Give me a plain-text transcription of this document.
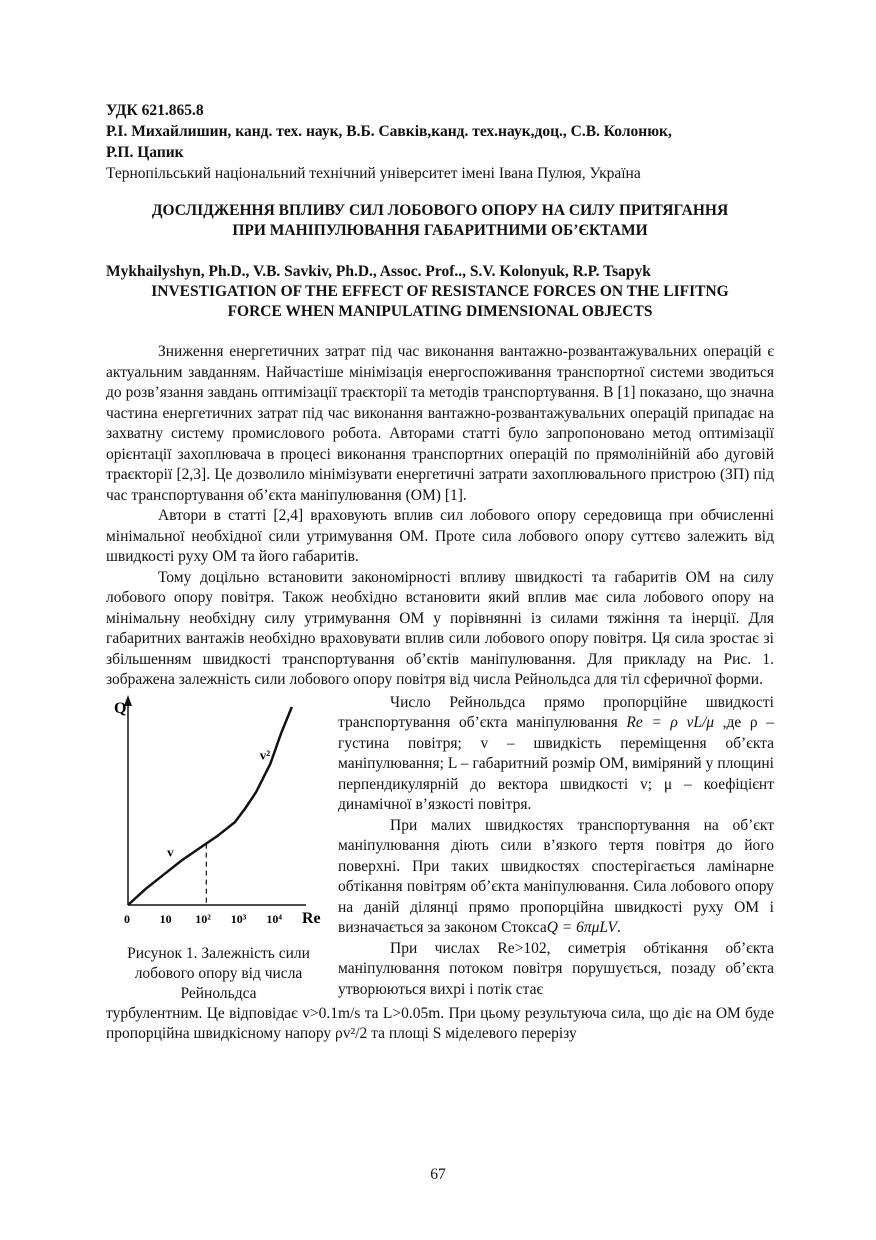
УДК 621.865.8
Р.І. Михайлишин, канд. тех. наук, В.Б. Савків,канд. тех.наук,доц., С.В. Колонюк,
Р.П. Цапик
Тернопільський національний технічний університет імені Івана Пулюя, Україна
ДОСЛІДЖЕННЯ ВПЛИВУ СИЛ ЛОБОВОГО ОПОРУ НА СИЛУ ПРИТЯГАННЯ
ПРИ МАНІПУЛЮВАННЯ ГАБАРИТНИМИ ОБ’ЄКТАМИ
Mykhailyshyn, Ph.D., V.B. Savkiv, Ph.D., Assoc. Prof.., S.V. Kolonyuk, R.P. Tsapyk
INVESTIGATION OF THE EFFECT OF RESISTANCE FORCES ON THE LIFITNG
FORCE WHEN MANIPULATING DIMENSIONAL OBJECTS

Зниження енергетичних затрат під час виконання вантажно-розвантажувальних операцій є актуальним завданням. Найчастіше мінімізація енергоспоживання транспортної системи зводиться до розв’язання завдань оптимізації траєкторії та методів транспортування. В [1] показано, що значна частина енергетичних затрат під час виконання вантажно-розвантажувальних операцій припадає на захватну систему промислового робота. Авторами статті було запропоновано метод оптимізації орієнтації захоплювача в процесі виконання транспортних операцій по прямолінійній або дуговій траєкторії [2,3]. Це дозволило мінімізувати енергетичні затрати захоплювального пристрою (ЗП) під час транспортування об’єкта маніпулювання (ОМ) [1].

Автори в статті [2,4] враховують вплив сил лобового опору середовища при обчисленні мінімальної необхідної сили утримування ОМ. Проте сила лобового опору суттєво залежить від швидкості руху ОМ та його габаритів.

Тому доцільно встановити закономірності впливу швидкості та габаритів ОМ на силу лобового опору повітря. Також необхідно встановити який вплив має сила лобового опору на мінімальну необхідну силу утримування ОМ у порівнянні із силами тяжіння та інерції. Для габаритних вантажів необхідно враховувати вплив сили лобового опору повітря. Ця сила зростає зі збільшенням швидкості транспортування об’єктів маніпулювання. Для прикладу на Рис. 1. зображена залежність сили лобового опору повітря від числа Рейнольдса для тіл сферичної форми.

Q
Re
0 10 10² 10³ 10⁴
v
v²
Рисунок 1. Залежність сили лобового опору від числа Рейнольдса

Число Рейнольдса прямо пропорційне швидкості транспортування об’єкта маніпулювання Re = ρ vL/μ ,де ρ – густина повітря; v – швидкість переміщення об’єкта маніпулювання; L – габаритний розмір ОМ, виміряний у площині перпендикулярній до вектора швидкості v; μ – коефіцієнт динамічної в’язкості повітря.

При малих швидкостях транспортування на об’єкт маніпулювання діють сили в’язкого тертя повітря до його поверхні. При таких швидкостях спостерігається ламінарне обтікання повітрям об’єкта маніпулювання. Сила лобового опору на даній ділянці прямо пропорційна швидкості руху ОМ і визначається за законом СтоксаQ = 6πμLV.

При числах Re>102, симетрія обтікання об’єкта маніпулювання потоком повітря порушується, позаду об’єкта утворюються вихрі і потік стає

турбулентним. Це відповідає v>0.1m/s та L>0.05m. При цьому результуюча сила, що діє на ОМ буде пропорційна швидкісному напору ρv²/2 та площі S міделевого перерізу

67
